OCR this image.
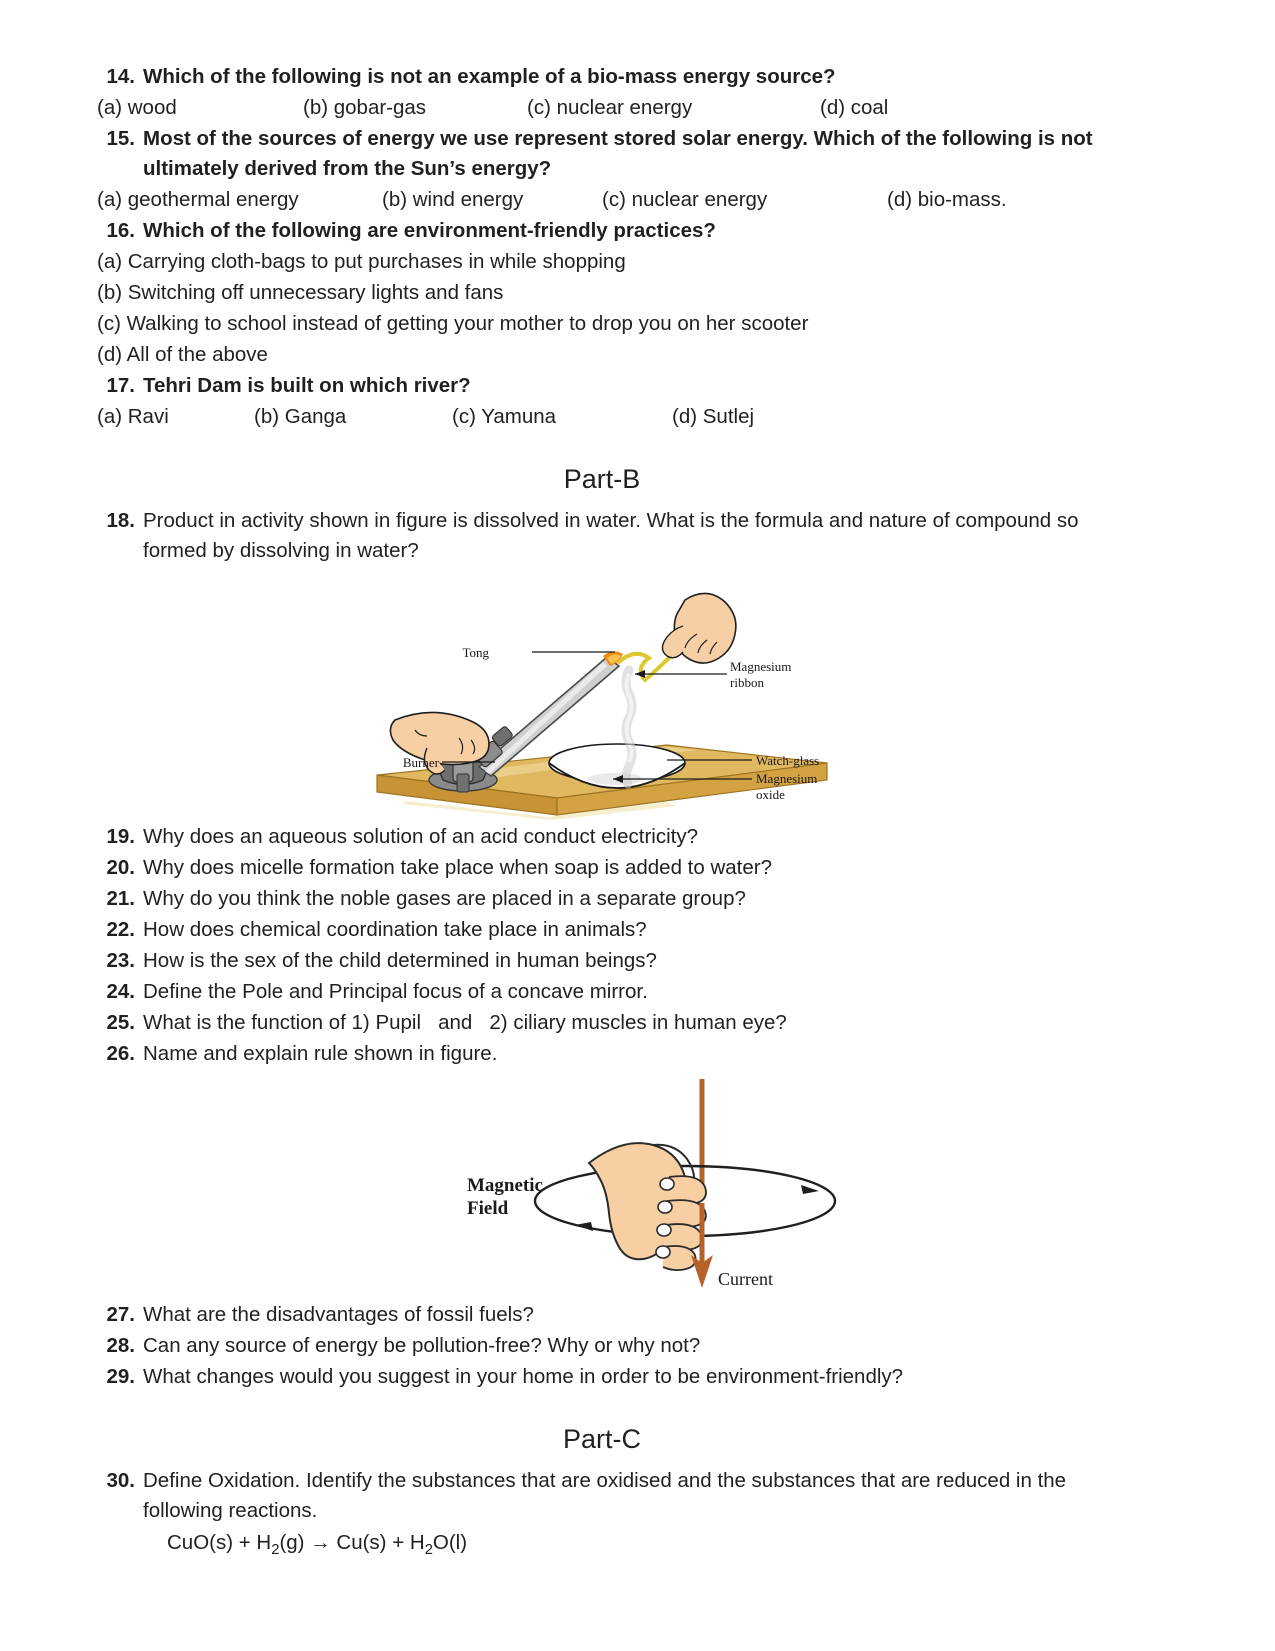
14. Which of the following is not an example of a bio-mass energy source?
(a) wood	(b) gobar-gas	(c) nuclear energy	(d) coal
15. Most of the sources of energy we use represent stored solar energy. Which of the following is not ultimately derived from the Sun’s energy?
(a) geothermal energy	(b) wind energy	(c) nuclear energy	(d) bio-mass.
16. Which of the following are environment-friendly practices?
(a) Carrying cloth-bags to put purchases in while shopping
(b) Switching off unnecessary lights and fans
(c) Walking to school instead of getting your mother to drop you on her scooter
(d) All of the above
17. Tehri Dam is built on which river?
(a) Ravi	(b) Ganga	(c) Yamuna	(d) Sutlej
Part-B
18. Product in activity shown in figure is dissolved in water. What is the formula and nature of compound so formed by dissolving in water?
Tong
Magnesium
ribbon
Burner	Watch-glass
Magnesium
oxide
19. Why does an aqueous solution of an acid conduct electricity?
20. Why does micelle formation take place when soap is added to water?
21. Why do you think the noble gases are placed in a separate group?
22. How does chemical coordination take place in animals?
23. How is the sex of the child determined in human beings?
24. Define the Pole and Principal focus of a concave mirror.
25. What is the function of 1) Pupil   and   2) ciliary muscles in human eye?
26. Name and explain rule shown in figure.
Magnetic
Field
Current
27. What are the disadvantages of fossil fuels?
28. Can any source of energy be pollution-free? Why or why not?
29. What changes would you suggest in your home in order to be environment-friendly?
Part-C
30. Define Oxidation. Identify the substances that are oxidised and the substances that are reduced in the following reactions.
$CuO(s) + H_2(g) \to Cu(s) + H_2O(l)$
